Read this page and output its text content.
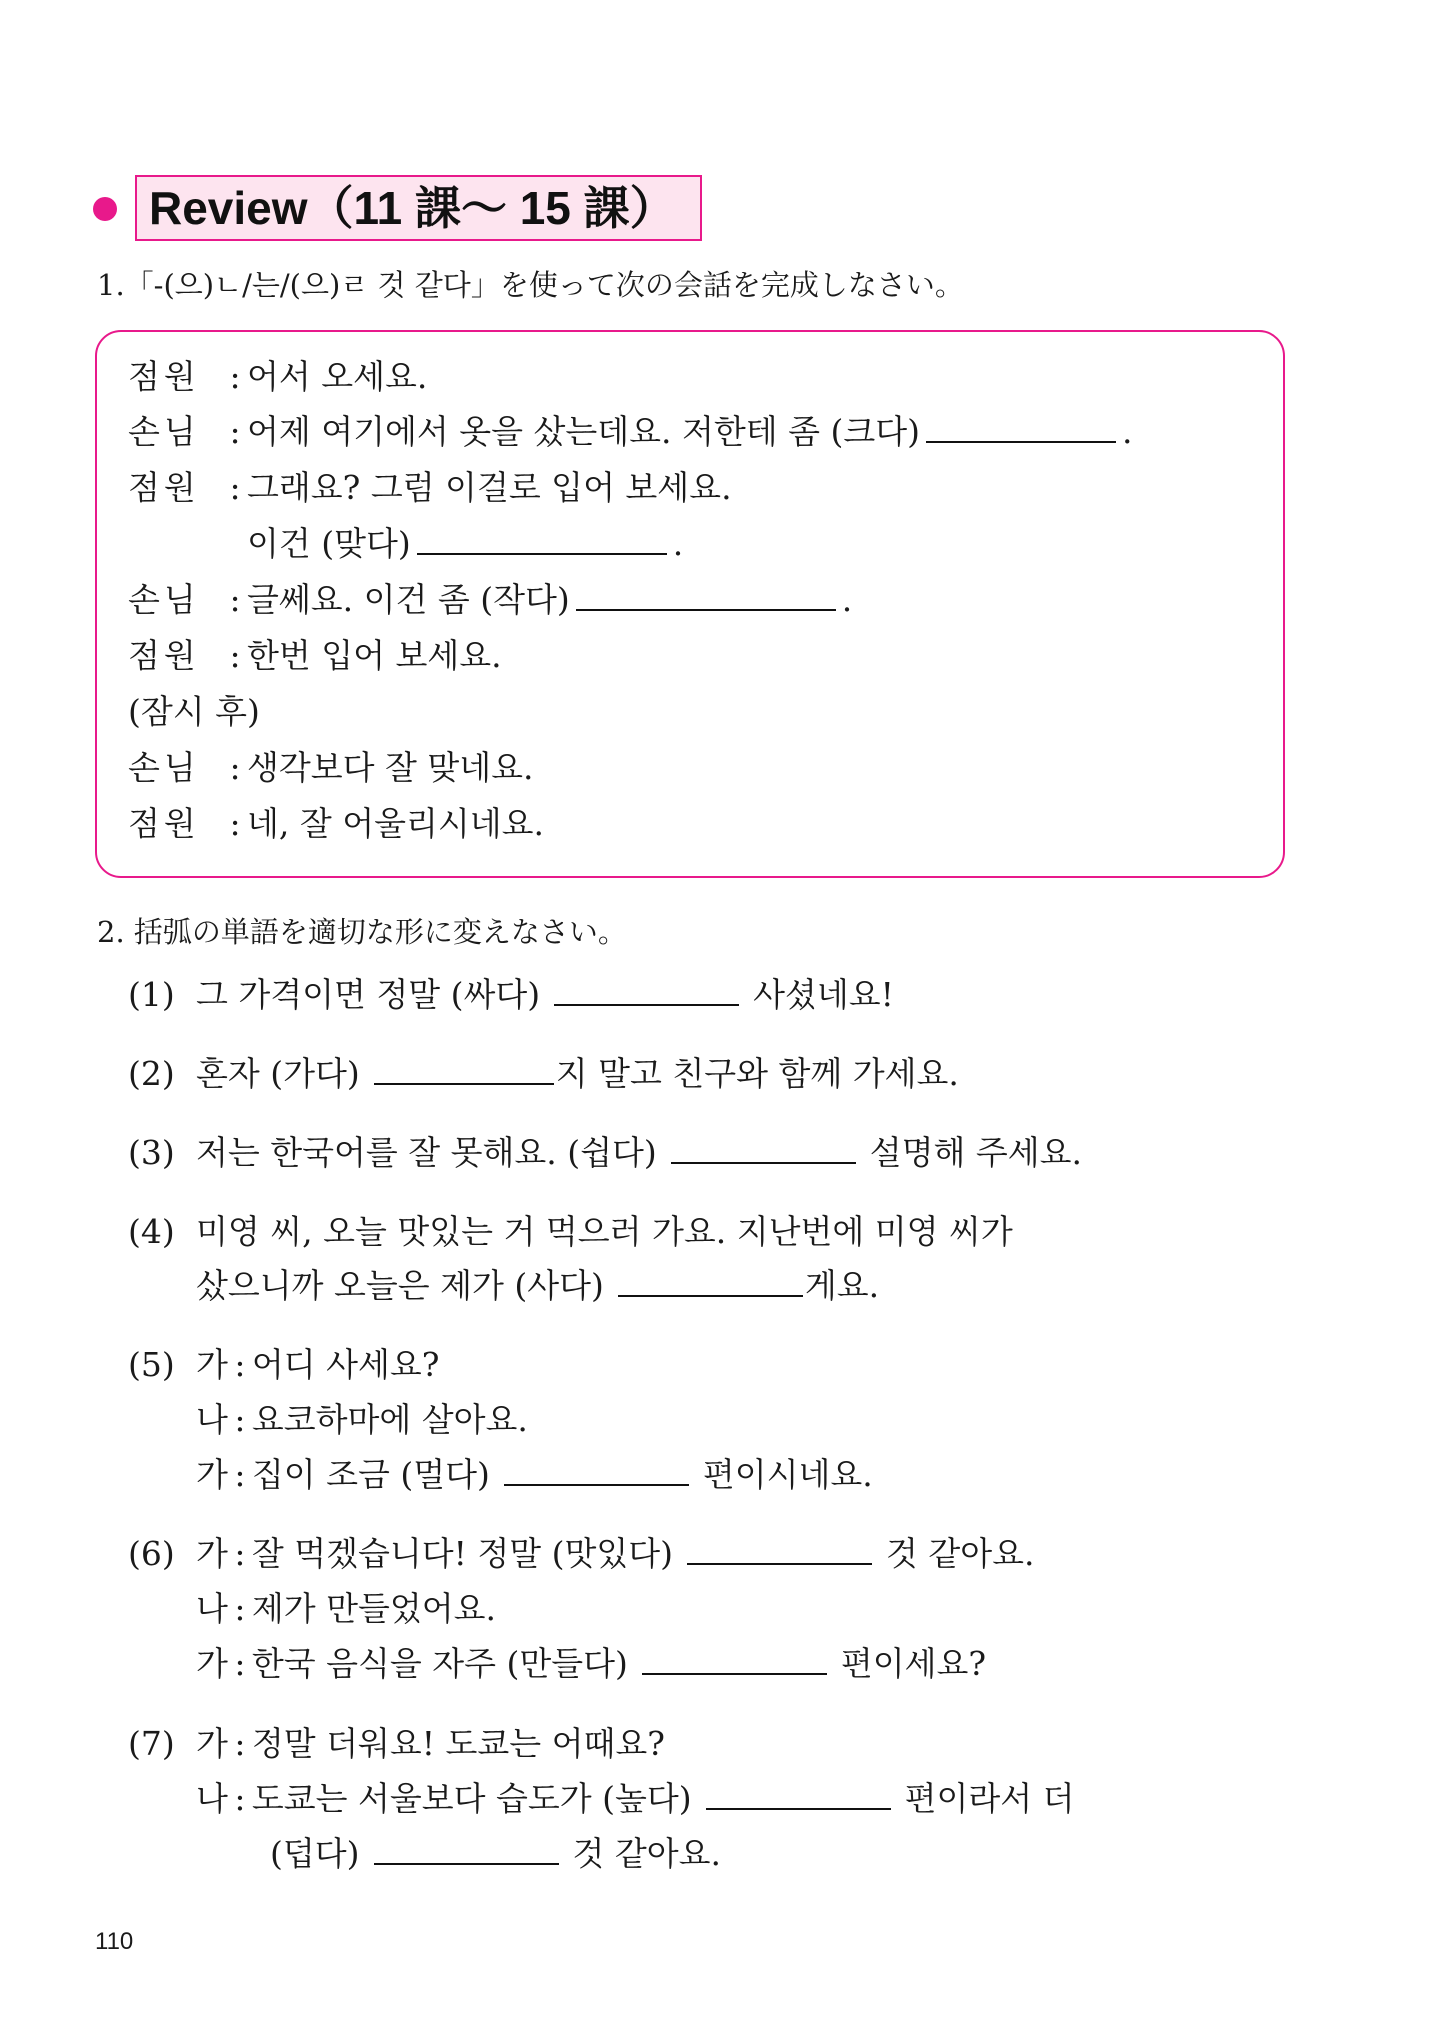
Review（11 課～ 15 課）
1.「-(으)ㄴ/는/(으)ㄹ 것 같다」を使って次の会話を完成しなさい。
점원 : 어서 오세요.
손님 : 어제 여기에서 옷을 샀는데요. 저한테 좀 (크다)	.
점원 : 그래요? 그럼 이걸로 입어 보세요.
이건 (맞다)	.
손님 : 글쎄요. 이건 좀 (작다)	.
점원 : 한번 입어 보세요.
(잠시 후)
손님 : 생각보다 잘 맞네요.
점원 : 네, 잘 어울리시네요.
2. 括弧の単語を適切な形に変えなさい。
(1) 그 가격이면 정말 (싸다)	사셨네요!
(2) 혼자 (가다)	지 말고 친구와 함께 가세요.
(3) 저는 한국어를 잘 못해요. (쉽다)	설명해 주세요.
(4) 미영 씨, 오늘 맛있는 거 먹으러 가요. 지난번에 미영 씨가
샀으니까 오늘은 제가 (사다)	게요.
(5) 가 : 어디 사세요?
나 : 요코하마에 살아요.
가 : 집이 조금 (멀다)	편이시네요.
(6) 가 : 잘 먹겠습니다! 정말 (맛있다)	것 같아요.
나 : 제가 만들었어요.
가 : 한국 음식을 자주 (만들다)	편이세요?
(7) 가 : 정말 더워요! 도쿄는 어때요?
나 : 도쿄는 서울보다 습도가 (높다)	편이라서 더
(덥다)	것 같아요.
110
